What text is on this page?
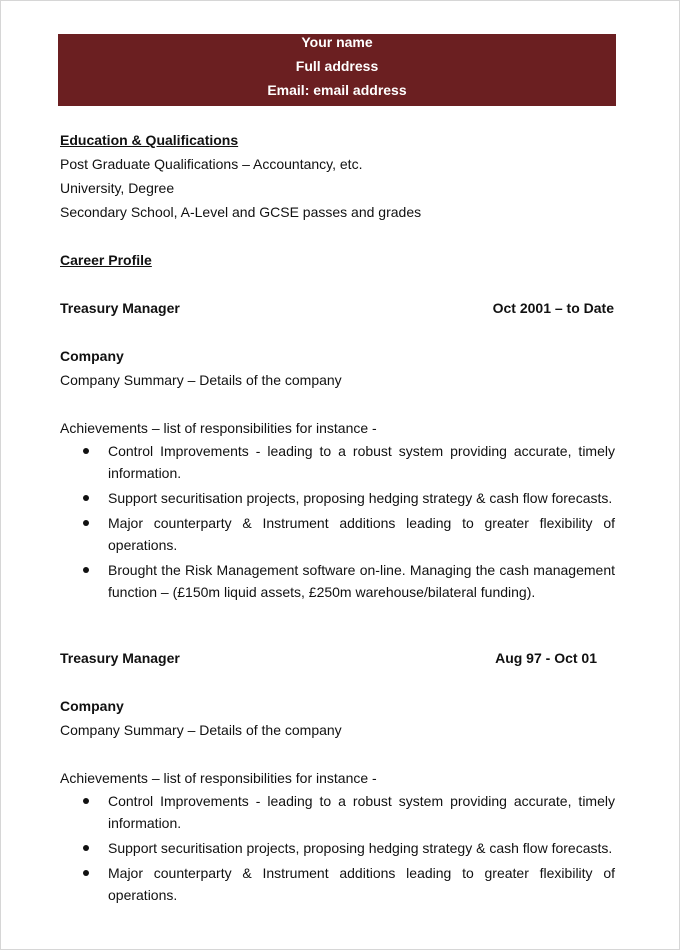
Your name
Full address
Email: email address
Education & Qualifications
Post Graduate Qualifications – Accountancy, etc.
University, Degree
Secondary School, A-Level and GCSE passes and grades
Career Profile
Treasury Manager	Oct 2001 – to Date
Company
Company Summary – Details of the company
Achievements – list of responsibilities for instance -
Control Improvements - leading to a robust system providing accurate, timely
information.
Support securitisation projects, proposing hedging strategy & cash flow forecasts.
Major counterparty & Instrument additions leading to greater flexibility of
operations.
Brought the Risk Management software on-line. Managing the cash management
function – (£150m liquid assets, £250m warehouse/bilateral funding).
Treasury Manager	Aug 97 - Oct 01
Company
Company Summary – Details of the company
Achievements – list of responsibilities for instance -
Control Improvements - leading to a robust system providing accurate, timely
information.
Support securitisation projects, proposing hedging strategy & cash flow forecasts.
Major counterparty & Instrument additions leading to greater flexibility of
operations.
